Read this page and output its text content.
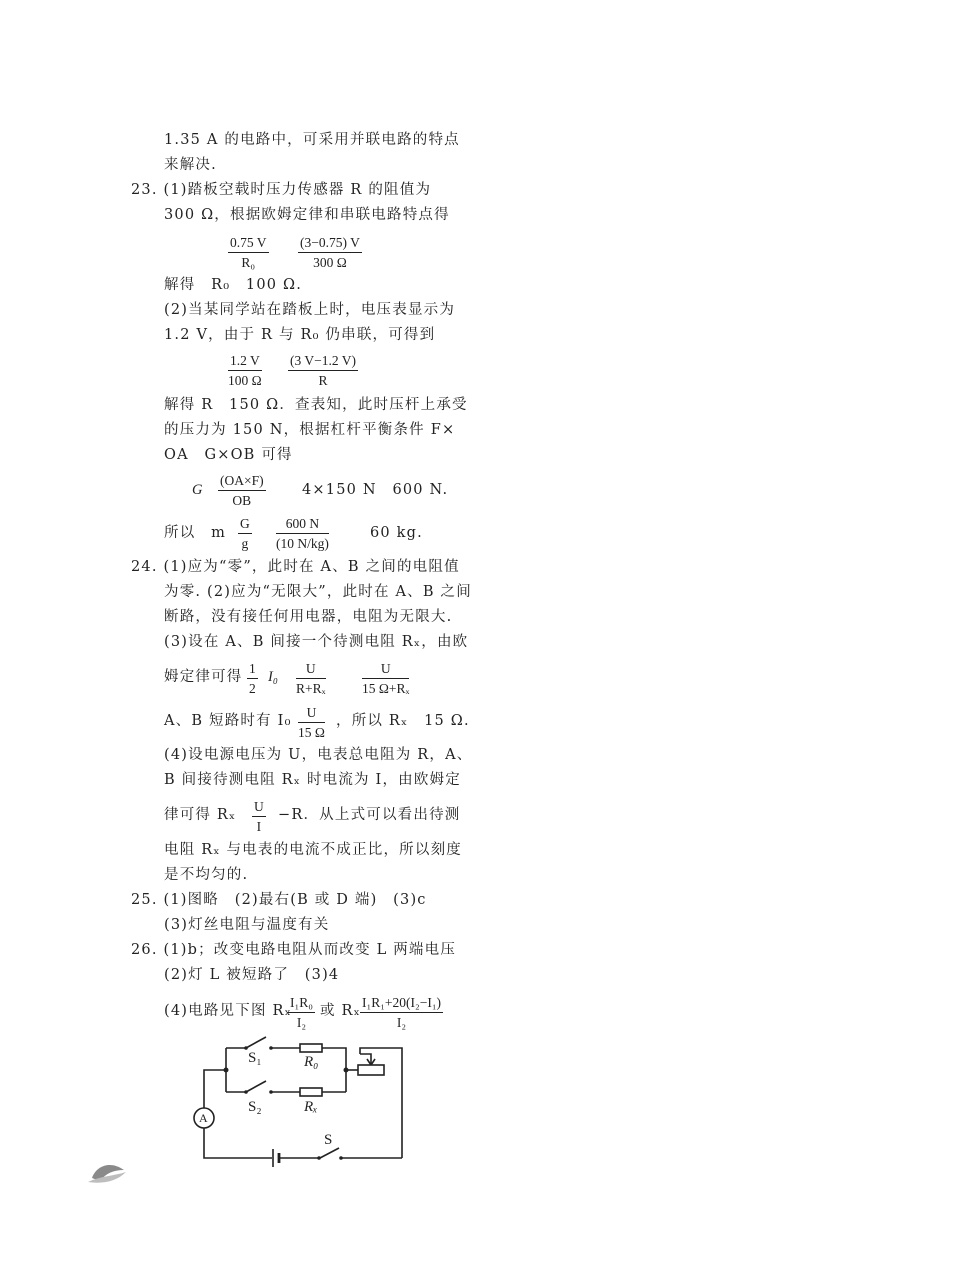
1.35 A 的电路中，可采用并联电路的特点
来解决.
23. (1)踏板空载时压力传感器 R 的阻值为
300 Ω，根据欧姆定律和串联电路特点得
解得　R₀　100 Ω.
(2)当某同学站在踏板上时，电压表显示为
1.2 V，由于 R 与 R₀ 仍串联，可得到
解得 R　150 Ω．查表知，此时压杆上承受
的压力为 150 N，根据杠杆平衡条件 F×
OA　G×OB 可得
G	4×150 N　600 N.
所以　m	60 kg.
24. (1)应为“零”，此时在 A、B 之间的电阻值
为零. (2)应为“无限大”，此时在 A、B 之间
断路，没有接任何用电器，电阻为无限大.
(3)设在 A、B 间接一个待测电阻 Rₓ，由欧
姆定律可得 I₀
A、B 短路时有 I₀	，所以 Rₓ　15 Ω.
(4)设电源电压为 U，电表总电阻为 R，A、
B 间接待测电阻 Rₓ 时电流为 I，由欧姆定
律可得 Rₓ	−R．从上式可以看出待测
电阻 Rₓ 与电表的电流不成正比，所以刻度
是不均匀的.
25. (1)图略　(2)最右(B 或 D 端)　(3)c
(3)灯丝电阻与温度有关
26. (1)b；改变电路电阻从而改变 L 两端电压
(2)灯 L 被短路了　(3)4
(4)电路见下图 Rₓ 或 Rₓ
$\frac{0.75 V}{\text{R₀}} \frac{(3-0.75) V}{300 \Omega}$
$\frac{1.2 V}{100 \Omega} \frac{(3 V-1.2 V)}{R}$
$\frac{(OA\times F)}{OB}$
$\frac{G}{g} \frac{600 N}{(10 N/kg)}$
$\frac{1}{2}$	$\frac{U}{\text{R+Rₓ}}$	$\frac{U}{\text{15 Ω+Rₓ}}$
$\frac{U}{15 \Omega}$
$\frac{U}{I}$
$\frac{\text{I₁R₀}}{\text{I₂}}$	$\frac{\text{I₁R₁+20(I₂−I₁)}}{\text{I₂}}$
S₁	R₀
S₂	Rₓ
A
S
